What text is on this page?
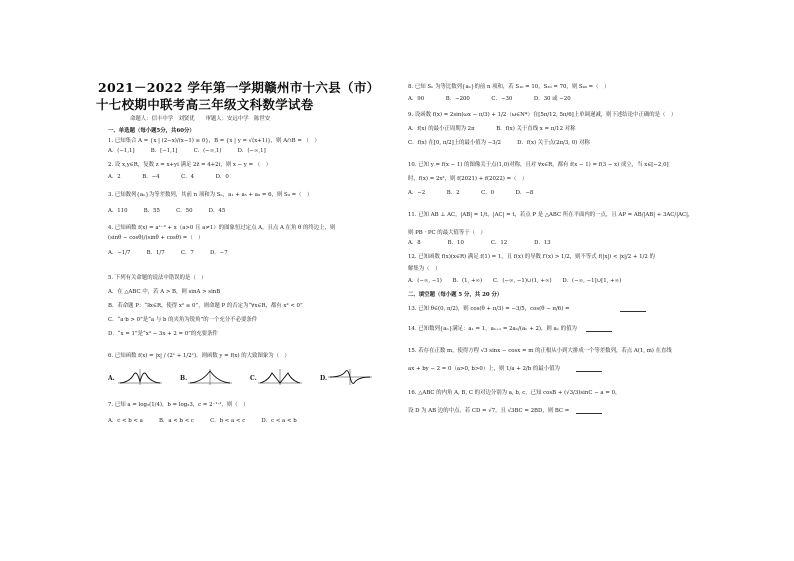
2021－2022 学年第一学期赣州市十六县（市）
十七校期中联考高三年级文科数学试卷
命题人：信丰中学　刘贤优　　审题人：安远中学　陈世安
一、单选题（每小题5分，共60分）
1. 已知集合 A = {x | (2−x)/(x−1) ≥ 0}，B = {x | y = √(x+1)}，则 A∩B = （　）
A．(−1,1]　　　B．[−1,1]　　　C．(−∞,1)　　　D．(−∞,1]
2. 设 x,y∈R，复数 z = x+yi 满足 2z̄ = 4+2i，则 x − y = （　）
A．2　　　　B．−4　　　　C．4　　　　D．0
3. 已知数列{aₙ}为等差数列，其前 n 项和为 Sₙ，a₁ + a₅ + a₉ = 6，则 S₉ =（　）
A．110　　　B．55　　　C．50　　　D．45
4. 已知函数 f(x) = aˣ⁻³ + x（a>0 且 a≠1）的图象恒过定点 A，且点 A 在角 θ 的终边上，则
(sinθ − cosθ)/(sinθ + cosθ) =（　）
A．−1/7　　　B．1/7　　　C．7　　　D．−7
5. 下列有关命题的说法中错误的是（　）
A．在 △ABC 中，若 A > B，则 sinA > sinB
B．若命题 P：“∃x∈R，使得 x² ≥ 0”，则命题 P 的否定为“∀x∈R，都有 x² < 0”
C．“a·b > 0”是“a 与 b 的夹角为锐角”的一个充分不必要条件
D．“x = 1”是“x² − 3x + 2 = 0”的充要条件
6. 已知函数 f(x) = |x| / (2ˣ + 1/2ˣ)，则函数 y = f(x) 的大致图象为（　）
A.	B.	C.	D.
7. 已知 a = log₃(1/4)，b = log₂3，c = 2⁻¹·¹，则（　）
A．c < b < a　　　B．a < b < c　　　C．b < a < c　　　D．c < a < b
8. 已知 Sₙ 为等比数列{aₙ}的前 n 项和，若 S₁₀ = 10，S₃₀ = 70，则 S₄₀ =（　）
A．90　　　　B．−200　　　　C．−30　　　　D．30 或 −20
9. 设函数 f(x) = 2sin(ωx − π/3) + 1/2（ω∈N*）在[5π/12, 5π/6]上单调递减，则下述结论中正确的是（　）
A．f(x) 的最小正周期为 2π　　　　B．f(x) 关于直线 x = π/12 对称
C．f(x) 在[0, π/2]上的最小值为 −3/2　　　D．f(x) 关于点(2π/3, 0) 对称
10. 已知 y = f(x − 1) 的图像关于点(1,0)对称，且对 ∀x∈R，都有 f(x − 1) = f(3 − x) 成立，当 x∈[−2,0]
时，f(x) = 2x²，则 f(2021) + f(2022) =（　）
A．−2　　　　B．2　　　　C．0　　　　D．−8
11. 已知 AB ⊥ AC，|AB| = 1/t，|AC| = t，若点 P 是 △ABC 所在平面内的一点，且 AP = AB/|AB| + 3AC/|AC|，
则 PB · PC 的最大值等于（　）
A．8　　　　　B．10　　　　　C．12　　　　　D．13
12. 已知函数 f(x)(x∈R) 满足 f(1) = 1，且 f(x) 的导数 f′(x) > 1/2，则不等式 f(|x|) < |x|/2 + 1/2 的
解集为（　）
A．(−∞, −1)　　B．(1, +∞)　　C．(−∞, −1)∪(1, +∞)　　D．(−∞, −1]∪[1, +∞)
二、填空题（每小题 5 分，共 20 分）
13. 已知 θ∈(0, π/2)，则 cos(θ + π/3) = −3/5，cos(θ − π/6) =
14. 已知数列{aₙ}满足：a₁ = 1，aₙ₊₁ = 2aₙ/(aₙ + 2)，则 aₙ 的值为
15. 若存在正数 m，使得方程 √3 sinx − cosx = m 的正根从小到大排成一个等差数列，若点 A(1, m) 在直线
ax + by − 2 = 0（a>0, b>0）上，则 1/a + 2/b 的最小值为
16. △ABC 的内角 A, B, C 的对边分别为 a, b, c，已知 cosB + (√3/3)sinC − a = 0，
设 D 为 AB 边的中点，若 CD = √7，且 √3BC = 2BD，则 BC =
